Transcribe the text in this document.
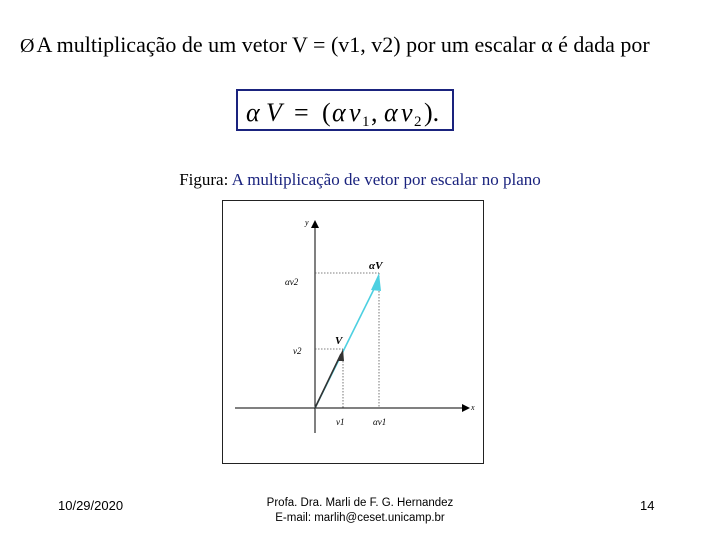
ØA multiplicação de um vetor V = (v1, v2) por um escalar α é dada por
α V = ( α v 1 , α v 2 ).
Figura: A multiplicação de vetor por escalar no plano
y
x
αV
V
αv2
v2
v1	αv1
10/29/2020	Profa. Dra. Marli de F. G. Hernandez
E-mail: marlih@ceset.unicamp.br
14
